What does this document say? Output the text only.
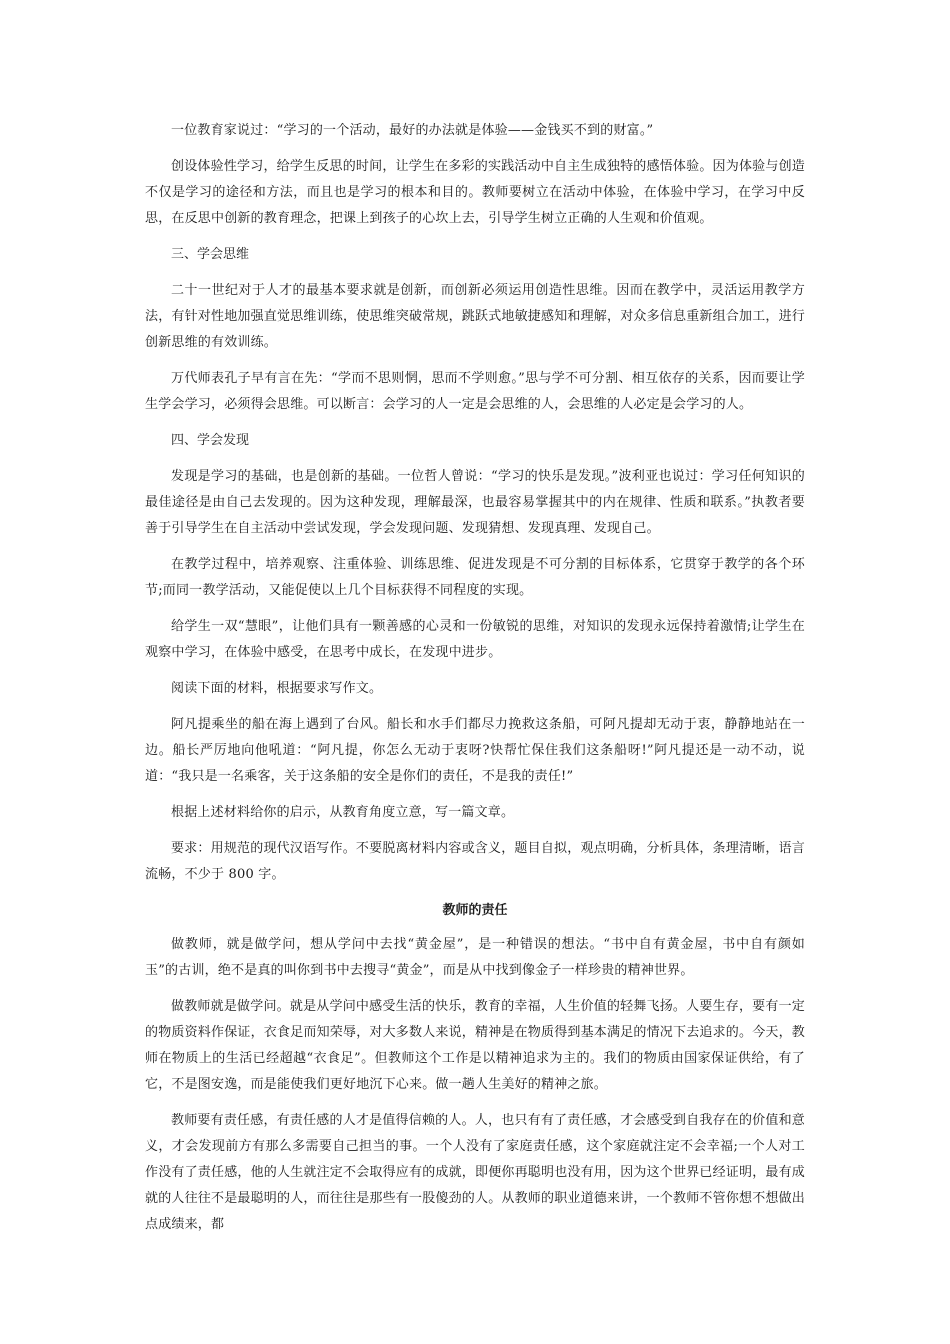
一位教育家说过：“学习的一个活动，最好的办法就是体验——金钱买不到的财富。”

创设体验性学习，给学生反思的时间，让学生在多彩的实践活动中自主生成独特的感悟体验。因为体验与创造不仅是学习的途径和方法，而且也是学习的根本和目的。教师要树立在活动中体验，在体验中学习，在学习中反思，在反思中创新的教育理念，把课上到孩子的心坎上去，引导学生树立正确的人生观和价值观。

三、学会思维

二十一世纪对于人才的最基本要求就是创新，而创新必须运用创造性思维。因而在教学中，灵活运用教学方法，有针对性地加强直觉思维训练，使思维突破常规，跳跃式地敏捷感知和理解，对众多信息重新组合加工，进行创新思维的有效训练。

万代师表孔子早有言在先：“学而不思则惘，思而不学则愈。”思与学不可分割、相互依存的关系，因而要让学生学会学习，必须得会思维。可以断言：会学习的人一定是会思维的人，会思维的人必定是会学习的人。

四、学会发现

发现是学习的基础，也是创新的基础。一位哲人曾说：“学习的快乐是发现。”波利亚也说过：学习任何知识的最佳途径是由自己去发现的。因为这种发现，理解最深，也最容易掌握其中的内在规律、性质和联系。”执教者要善于引导学生在自主活动中尝试发现，学会发现问题、发现猜想、发现真理、发现自己。

在教学过程中，培养观察、注重体验、训练思维、促进发现是不可分割的目标体系，它贯穿于教学的各个环节;而同一教学活动，又能促使以上几个目标获得不同程度的实现。

给学生一双“慧眼”，让他们具有一颗善感的心灵和一份敏锐的思维，对知识的发现永远保持着激情;让学生在观察中学习，在体验中感受，在思考中成长，在发现中进步。

阅读下面的材料，根据要求写作文。

阿凡提乘坐的船在海上遇到了台风。船长和水手们都尽力挽救这条船，可阿凡提却无动于衷，静静地站在一边。船长严厉地向他吼道：“阿凡提，你怎么无动于衷呀?快帮忙保住我们这条船呀!”阿凡提还是一动不动，说道：“我只是一名乘客，关于这条船的安全是你们的责任，不是我的责任!”

根据上述材料给你的启示，从教育角度立意，写一篇文章。

要求：用规范的现代汉语写作。不要脱离材料内容或含义，题目自拟，观点明确，分析具体，条理清晰，语言流畅，不少于 800 字。

教师的责任

做教师，就是做学问，想从学问中去找“黄金屋”，是一种错误的想法。“书中自有黄金屋，书中自有颜如玉”的古训，绝不是真的叫你到书中去搜寻“黄金”，而是从中找到像金子一样珍贵的精神世界。

做教师就是做学问。就是从学问中感受生活的快乐，教育的幸福，人生价值的轻舞飞扬。人要生存，要有一定的物质资料作保证，衣食足而知荣辱，对大多数人来说，精神是在物质得到基本满足的情况下去追求的。今天，教师在物质上的生活已经超越“衣食足”。但教师这个工作是以精神追求为主的。我们的物质由国家保证供给，有了它，不是图安逸，而是能使我们更好地沉下心来。做一趟人生美好的精神之旅。

教师要有责任感，有责任感的人才是值得信赖的人。人，也只有有了责任感，才会感受到自我存在的价值和意义，才会发现前方有那么多需要自己担当的事。一个人没有了家庭责任感，这个家庭就注定不会幸福;一个人对工作没有了责任感，他的人生就注定不会取得应有的成就，即便你再聪明也没有用，因为这个世界已经证明，最有成就的人往往不是最聪明的人，而往往是那些有一股傻劲的人。从教师的职业道德来讲，一个教师不管你想不想做出点成绩来，都
